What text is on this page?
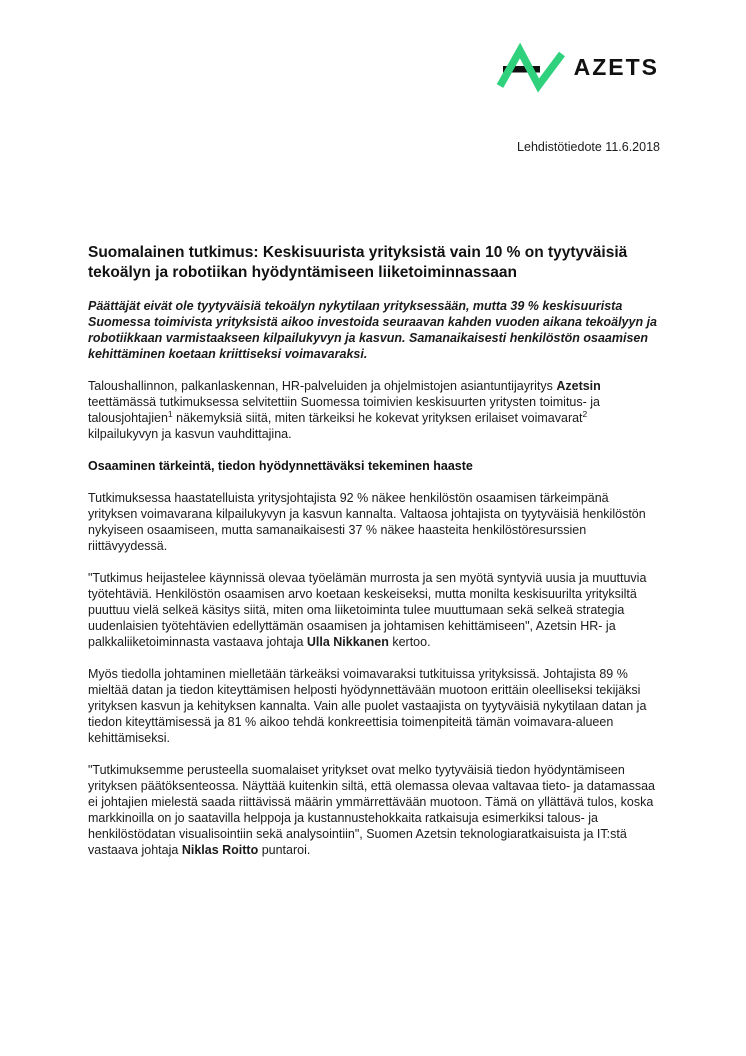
AZETS
Lehdistötiedote 11.6.2018
Suomalainen tutkimus: Keskisuurista yrityksistä vain 10 % on tyytyväisiä tekoälyn ja robotiikan hyödyntämiseen liiketoiminnassaan

Päättäjät eivät ole tyytyväisiä tekoälyn nykytilaan yrityksessään, mutta 39 % keskisuurista Suomessa toimivista yrityksistä aikoo investoida seuraavan kahden vuoden aikana tekoälyyn ja robotiikkaan varmistaakseen kilpailukyvyn ja kasvun. Samanaikaisesti henkilöstön osaamisen kehittäminen koetaan kriittiseksi voimavaraksi.

Taloushallinnon, palkanlaskennan, HR-palveluiden ja ohjelmistojen asiantuntijayritys Azetsin teettämässä tutkimuksessa selvitettiin Suomessa toimivien keskisuurten yritysten toimitus- ja talousjohtajien$^1$ näkemyksiä siitä, miten tärkeiksi he kokevat yrityksen erilaiset voimavarat$^2$ kilpailukyvyn ja kasvun vauhdittajina.

Osaaminen tärkeintä, tiedon hyödynnettäväksi tekeminen haaste

Tutkimuksessa haastatelluista yritysjohtajista 92 % näkee henkilöstön osaamisen tärkeimpänä yrityksen voimavarana kilpailukyvyn ja kasvun kannalta. Valtaosa johtajista on tyytyväisiä henkilöstön nykyiseen osaamiseen, mutta samanaikaisesti 37 % näkee haasteita henkilöstöresurssien riittävyydessä.

"Tutkimus heijastelee käynnissä olevaa työelämän murrosta ja sen myötä syntyviä uusia ja muuttuvia työtehtäviä. Henkilöstön osaamisen arvo koetaan keskeiseksi, mutta monilta keskisuurilta yrityksiltä puuttuu vielä selkeä käsitys siitä, miten oma liiketoiminta tulee muuttumaan sekä selkeä strategia uudenlaisien työtehtävien edellyttämän osaamisen ja johtamisen kehittämiseen", Azetsin HR- ja palkkaliiketoiminnasta vastaava johtaja Ulla Nikkanen kertoo.

Myös tiedolla johtaminen mielletään tärkeäksi voimavaraksi tutkituissa yrityksissä. Johtajista 89 % mieltää datan ja tiedon kiteyttämisen helposti hyödynnettävään muotoon erittäin oleelliseksi tekijäksi yrityksen kasvun ja kehityksen kannalta. Vain alle puolet vastaajista on tyytyväisiä nykytilaan datan ja tiedon kiteyttämisessä ja 81 % aikoo tehdä konkreettisia toimenpiteitä tämän voimavara-alueen kehittämiseksi.

"Tutkimuksemme perusteella suomalaiset yritykset ovat melko tyytyväisiä tiedon hyödyntämiseen yrityksen päätöksenteossa. Näyttää kuitenkin siltä, että olemassa olevaa valtavaa tieto- ja datamassaa ei johtajien mielestä saada riittävissä määrin ymmärrettävään muotoon. Tämä on yllättävä tulos, koska markkinoilla on jo saatavilla helppoja ja kustannustehokkaita ratkaisuja esimerkiksi talous- ja henkilöstödatan visualisointiin sekä analysointiin", Suomen Azetsin teknologiaratkaisuista ja IT:stä vastaava johtaja Niklas Roitto puntaroi.
